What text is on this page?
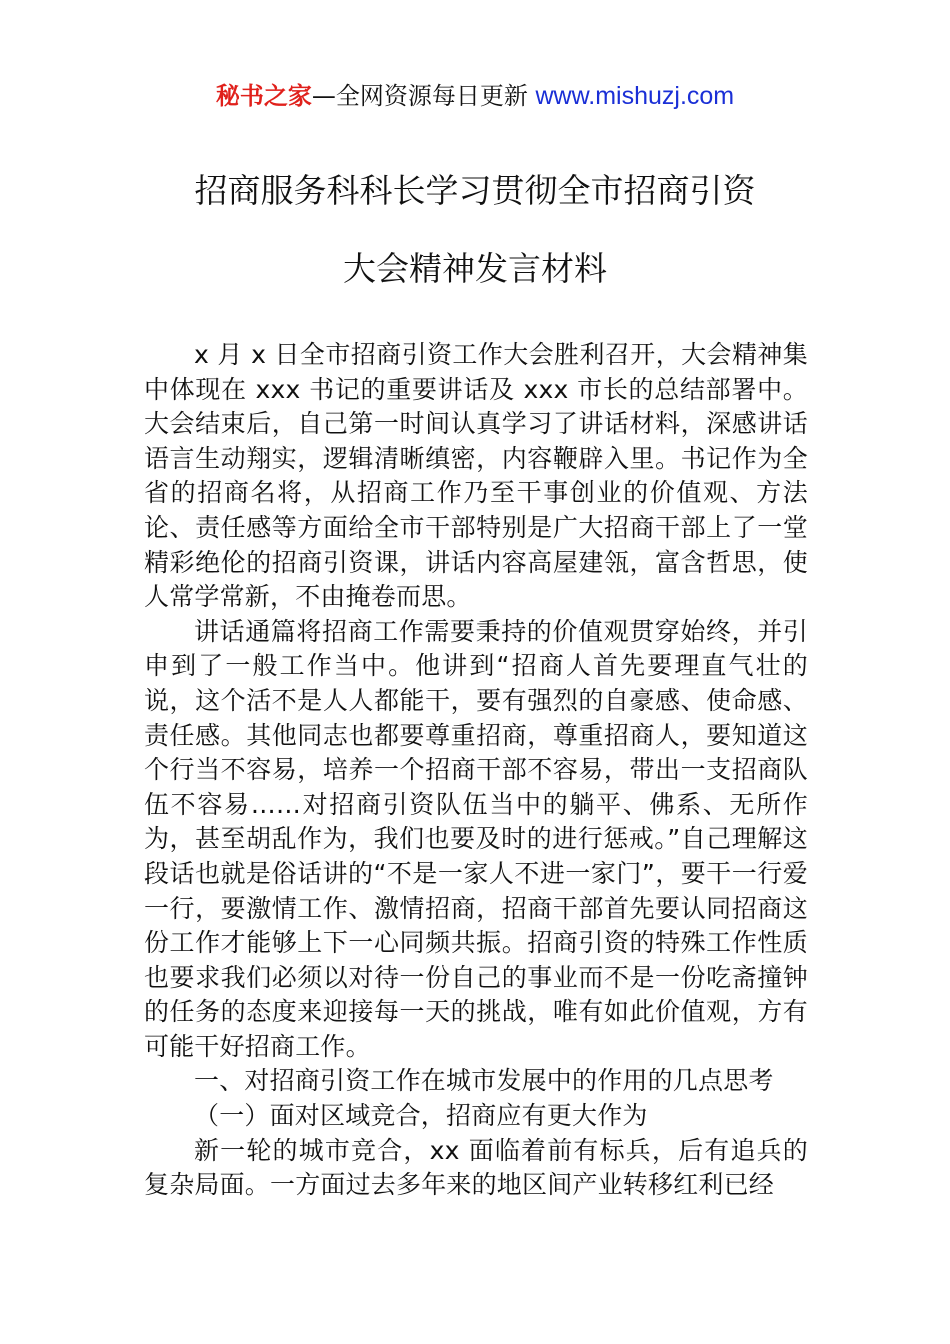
秘书之家—全网资源每日更新 www.mishuzj.com
招商服务科科长学习贯彻全市招商引资
大会精神发言材料

x 月 x 日全市招商引资工作大会胜利召开，大会精神集中体现在 xxx 书记的重要讲话及 xxx 市长的总结部署中。大会结束后，自己第一时间认真学习了讲话材料，深感讲话语言生动翔实，逻辑清晰缜密，内容鞭辟入里。书记作为全省的招商名将，从招商工作乃至干事创业的价值观、方法论、责任感等方面给全市干部特别是广大招商干部上了一堂精彩绝伦的招商引资课，讲话内容高屋建瓴，富含哲思，使人常学常新，不由掩卷而思。

讲话通篇将招商工作需要秉持的价值观贯穿始终，并引申到了一般工作当中。他讲到“招商人首先要理直气壮的说，这个活不是人人都能干，要有强烈的自豪感、使命感、责任感。其他同志也都要尊重招商，尊重招商人，要知道这个行当不容易，培养一个招商干部不容易，带出一支招商队伍不容易……对招商引资队伍当中的躺平、佛系、无所作为，甚至胡乱作为，我们也要及时的进行惩戒。”自己理解这段话也就是俗话讲的“不是一家人不进一家门”，要干一行爱一行，要激情工作、激情招商，招商干部首先要认同招商这份工作才能够上下一心同频共振。招商引资的特殊工作性质也要求我们必须以对待一份自己的事业而不是一份吃斋撞钟的任务的态度来迎接每一天的挑战，唯有如此价值观，方有可能干好招商工作。

一、对招商引资工作在城市发展中的作用的几点思考

（一）面对区域竞合，招商应有更大作为

新一轮的城市竞合，xx 面临着前有标兵，后有追兵的复杂局面。一方面过去多年来的地区间产业转移红利已经
